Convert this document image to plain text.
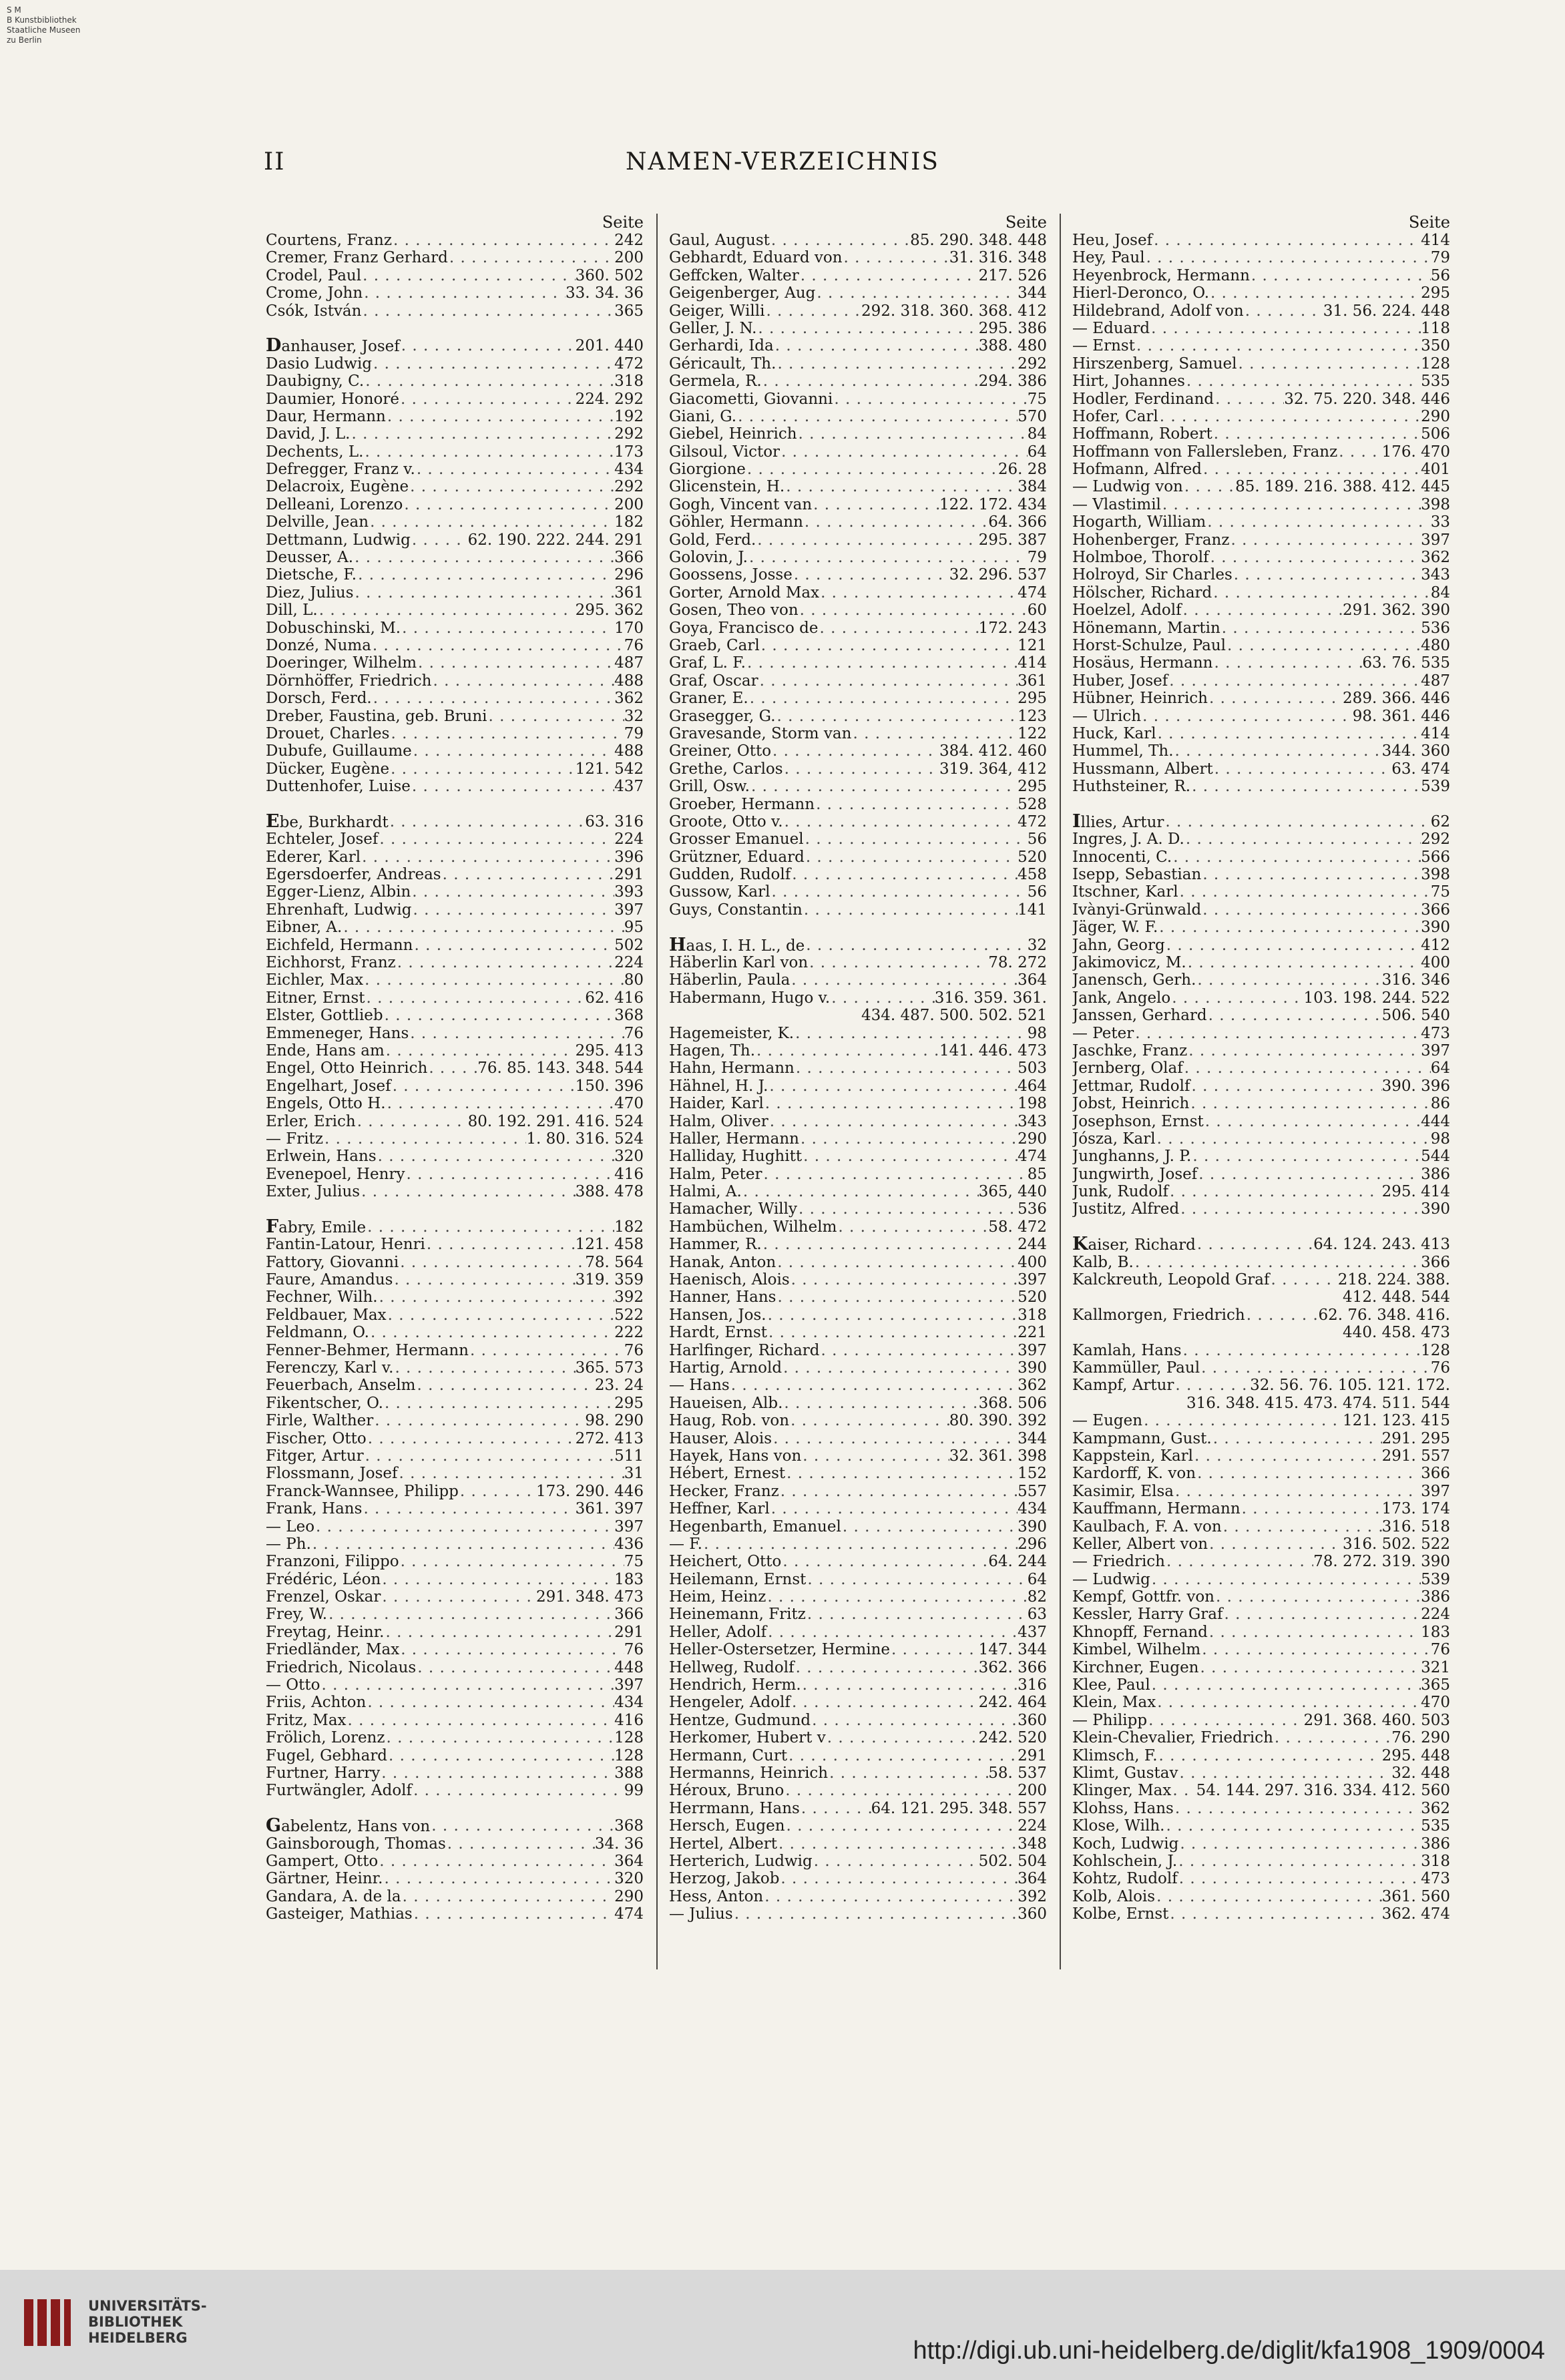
S M
B Kunstbibliothek
Staatliche Museen
zu Berlin
II	NAMEN-VERZEICHNIS
Seite
Courtens, Franz . . .	242
Cremer, Franz Gerhard . . .	200
Crodel, Paul . . .	360. 502
Crome, John . . .	33. 34. 36
Csók, István . . .	365
Danhauser, Josef . . .	201. 440
Dasio Ludwig . . .	472
Daubigny, C. . . .	318
Daumier, Honoré . . .	224. 292
Daur, Hermann . . .	192
David, J. L. . . .	292
Dechents, L. . . .	173
Defregger, Franz v. . . .	434
Delacroix, Eugène . . .	292
Delleani, Lorenzo . . .	200
Delville, Jean . . .	182
Dettmann, Ludwig . . .	62. 190. 222. 244. 291
Deusser, A. . . .	366
Dietsche, F. . . .	296
Diez, Julius . . .	361
Dill, L. . . .	295. 362
Dobuschinski, M. . . .	170
Donzé, Numa . . .	76
Doeringer, Wilhelm . . .	487
Dörnhöffer, Friedrich . . .	488
Dorsch, Ferd. . . .	362
Dreber, Faustina, geb. Bruni . . .	32
Drouet, Charles . . .	79
Dubufe, Guillaume . . .	488
Dücker, Eugène . . .	121. 542
Duttenhofer, Luise . . .	437
Ebe, Burkhardt . . .	63. 316
Echteler, Josef . . .	224
Ederer, Karl . . .	396
Egersdoerfer, Andreas . . .	291
Egger-Lienz, Albin . . .	393
Ehrenhaft, Ludwig . . .	397
Eibner, A. . . .	95
Eichfeld, Hermann . . .	502
Eichhorst, Franz . . .	224
Eichler, Max . . .	80
Eitner, Ernst . . .	62. 416
Elster, Gottlieb . . .	368
Emmeneger, Hans . . .	76
Ende, Hans am . . .	295. 413
Engel, Otto Heinrich . . .	76. 85. 143. 348. 544
Engelhart, Josef . . .	150. 396
Engels, Otto H. . . .	470
Erler, Erich . . .	80. 192. 291. 416. 524
— Fritz . . .	1. 80. 316. 524
Erlwein, Hans . . .	320
Evenepoel, Henry . . .	416
Exter, Julius . . .	388. 478
Fabry, Emile . . .	182
Fantin-Latour, Henri . . .	121. 458
Fattory, Giovanni . . .	78. 564
Faure, Amandus . . .	319. 359
Fechner, Wilh. . . .	392
Feldbauer, Max . . .	522
Feldmann, O. . . .	222
Fenner-Behmer, Hermann . . .	76
Ferenczy, Karl v. . . .	365. 573
Feuerbach, Anselm . . .	23. 24
Fikentscher, O. . . .	295
Firle, Walther . . .	98. 290
Fischer, Otto . . .	272. 413
Fitger, Artur . . .	511
Flossmann, Josef . . .	31
Franck-Wannsee, Philipp . . .	173. 290. 446
Frank, Hans . . .	361. 397
— Leo . . .	397
— Ph. . . .	436
Franzoni, Filippo . . .	75
Frédéric, Léon . . .	183
Frenzel, Oskar . . .	291. 348. 473
Frey, W. . . .	366
Freytag, Heinr. . . .	291
Friedländer, Max . . .	76
Friedrich, Nicolaus . . .	448
— Otto . . .	397
Friis, Achton . . .	434
Fritz, Max . . .	416
Frölich, Lorenz . . .	128
Fugel, Gebhard . . .	128
Furtner, Harry . . .	388
Furtwängler, Adolf . . .	99
Gabelentz, Hans von . . .	368
Gainsborough, Thomas . . .	34. 36
Gampert, Otto . . .	364
Gärtner, Heinr. . . .	320
Gandara, A. de la . . .	290
Gasteiger, Mathias . . .	474
Seite
Gaul, August . . .	85. 290. 348. 448
Gebhardt, Eduard von . . .	31. 316. 348
Geffcken, Walter . . .	217. 526
Geigenberger, Aug . . .	344
Geiger, Willi . . .	292. 318. 360. 368. 412
Geller, J. N. . . .	295. 386
Gerhardi, Ida . . .	388. 480
Géricault, Th. . . .	292
Germela, R. . . .	294. 386
Giacometti, Giovanni . . .	75
Giani, G. . . .	570
Giebel, Heinrich . . .	84
Gilsoul, Victor . . .	64
Giorgione . . .	26. 28
Glicenstein, H. . . .	384
Gogh, Vincent van . . .	122. 172. 434
Göhler, Hermann . . .	64. 366
Gold, Ferd. . . .	295. 387
Golovin, J. . . .	79
Goossens, Josse . . .	32. 296. 537
Gorter, Arnold Max . . .	474
Gosen, Theo von . . .	60
Goya, Francisco de . . .	172. 243
Graeb, Carl . . .	121
Graf, L. F. . . .	414
Graf, Oscar . . .	361
Graner, E. . . .	295
Grasegger, G. . . .	123
Gravesande, Storm van . . .	122
Greiner, Otto . . .	384. 412. 460
Grethe, Carlos . . .	319. 364, 412
Grill, Osw. . . .	295
Groeber, Hermann . . .	528
Groote, Otto v. . . .	472
Grosser Emanuel . . .	56
Grützner, Eduard . . .	520
Gudden, Rudolf . . .	458
Gussow, Karl . . .	56
Guys, Constantin . . .	141
Haas, I. H. L., de . . .	32
Häberlin Karl von . . .	78. 272
Häberlin, Paula . . .	364
Habermann, Hugo v. . . .	316. 359. 361.
434. 487. 500. 502. 521
Hagemeister, K. . . .	98
Hagen, Th. . . .	141. 446. 473
Hahn, Hermann . . .	503
Hähnel, H. J. . . .	464
Haider, Karl . . .	198
Halm, Oliver . . .	343
Haller, Hermann . . .	290
Halliday, Hughitt . . .	474
Halm, Peter . . .	85
Halmi, A. . . .	365, 440
Hamacher, Willy . . .	536
Hambüchen, Wilhelm . . .	58. 472
Hammer, R. . . .	244
Hanak, Anton . . .	400
Haenisch, Alois . . .	397
Hanner, Hans . . .	520
Hansen, Jos. . . .	318
Hardt, Ernst . . .	221
Harlfinger, Richard . . .	397
Hartig, Arnold . . .	390
— Hans . . .	362
Haueisen, Alb. . . .	368. 506
Haug, Rob. von . . .	80. 390. 392
Hauser, Alois . . .	344
Hayek, Hans von . . .	32. 361. 398
Hébert, Ernest . . .	152
Hecker, Franz . . .	557
Heffner, Karl . . .	434
Hegenbarth, Emanuel . . .	390
— F. . . .	296
Heichert, Otto . . .	64. 244
Heilemann, Ernst . . .	64
Heim, Heinz . . .	82
Heinemann, Fritz . . .	63
Heller, Adolf . . .	437
Heller-Ostersetzer, Hermine . . .	147. 344
Hellweg, Rudolf . . .	362. 366
Hendrich, Herm. . . .	316
Hengeler, Adolf . . .	242. 464
Hentze, Gudmund . . .	360
Herkomer, Hubert v . . .	242. 520
Hermann, Curt . . .	291
Hermanns, Heinrich . . .	58. 537
Héroux, Bruno . . .	200
Herrmann, Hans . . .	64. 121. 295. 348. 557
Hersch, Eugen . . .	224
Hertel, Albert . . .	348
Herterich, Ludwig . . .	502. 504
Herzog, Jakob . . .	364
Hess, Anton . . .	392
— Julius . . .	360
Seite
Heu, Josef . . .	414
Hey, Paul . . .	79
Heyenbrock, Hermann . . .	56
Hierl-Deronco, O. . . .	295
Hildebrand, Adolf von . . .	31. 56. 224. 448
— Eduard . . .	118
— Ernst . . .	350
Hirszenberg, Samuel . . .	128
Hirt, Johannes . . .	535
Hodler, Ferdinand . . .	32. 75. 220. 348. 446
Hofer, Carl . . .	290
Hoffmann, Robert . . .	506
Hoffmann von Fallersleben, Franz . . .	176. 470
Hofmann, Alfred . . .	401
— Ludwig von . . .	85. 189. 216. 388. 412. 445
— Vlastimil . . .	398
Hogarth, William . . .	33
Hohenberger, Franz . . .	397
Holmboe, Thorolf . . .	362
Holroyd, Sir Charles . . .	343
Hölscher, Richard . . .	84
Hoelzel, Adolf . . .	291. 362. 390
Hönemann, Martin . . .	536
Horst-Schulze, Paul . . .	480
Hosäus, Hermann . . .	63. 76. 535
Huber, Josef . . .	487
Hübner, Heinrich . . .	289. 366. 446
— Ulrich . . .	98. 361. 446
Huck, Karl . . .	414
Hummel, Th. . . .	344. 360
Hussmann, Albert . . .	63. 474
Huthsteiner, R. . . .	539
Illies, Artur . . .	62
Ingres, J. A. D. . . .	292
Innocenti, C. . . .	566
Isepp, Sebastian . . .	398
Itschner, Karl . . .	75
Ivànyi-Grünwald . . .	366
Jäger, W. F. . . .	390
Jahn, Georg . . .	412
Jakimovicz, M. . . .	400
Janensch, Gerh. . . .	316. 346
Jank, Angelo . . .	103. 198. 244. 522
Janssen, Gerhard . . .	506. 540
— Peter . . .	473
Jaschke, Franz . . .	397
Jernberg, Olaf . . .	64
Jettmar, Rudolf . . .	390. 396
Jobst, Heinrich . . .	86
Josephson, Ernst . . .	444
Jósza, Karl . . .	98
Junghanns, J. P. . . .	544
Jungwirth, Josef . . .	386
Junk, Rudolf . . .	295. 414
Justitz, Alfred . . .	390
Kaiser, Richard . . .	64. 124. 243. 413
Kalb, B. . . .	366
Kalckreuth, Leopold Graf . . .	218. 224. 388.
412. 448. 544
Kallmorgen, Friedrich . . .	62. 76. 348. 416.
440. 458. 473
Kamlah, Hans . . .	128
Kammüller, Paul . . .	76
Kampf, Artur . . .	32. 56. 76. 105. 121. 172.
316. 348. 415. 473. 474. 511. 544
— Eugen . . .	121. 123. 415
Kampmann, Gust. . . .	291. 295
Kappstein, Karl . . .	291. 557
Kardorff, K. von . . .	366
Kasimir, Elsa . . .	397
Kauffmann, Hermann . . .	173. 174
Kaulbach, F. A. von . . .	316. 518
Keller, Albert von . . .	316. 502. 522
— Friedrich . . .	78. 272. 319. 390
— Ludwig . . .	539
Kempf, Gottfr. von . . .	386
Kessler, Harry Graf . . .	224
Khnopff, Fernand . . .	183
Kimbel, Wilhelm . . .	76
Kirchner, Eugen . . .	321
Klee, Paul . . .	365
Klein, Max . . .	470
— Philipp . . .	291. 368. 460. 503
Klein-Chevalier, Friedrich . . .	76. 290
Klimsch, F. . . .	295. 448
Klimt, Gustav . . .	32. 448
Klinger, Max . . . 54. 144. 297. 316. 334. 412. 560
Klohss, Hans . . .	362
Klose, Wilh. . . .	535
Koch, Ludwig . . .	386
Kohlschein, J. . . .	318
Kohtz, Rudolf . . .	473
Kolb, Alois . . .	361. 560
Kolbe, Ernst . . .	362. 474
UNIVERSITÄTS-
BIBLIOTHEK
HEIDELBERG	http://digi.ub.uni-heidelberg.de/diglit/kfa1908_1909/0004
